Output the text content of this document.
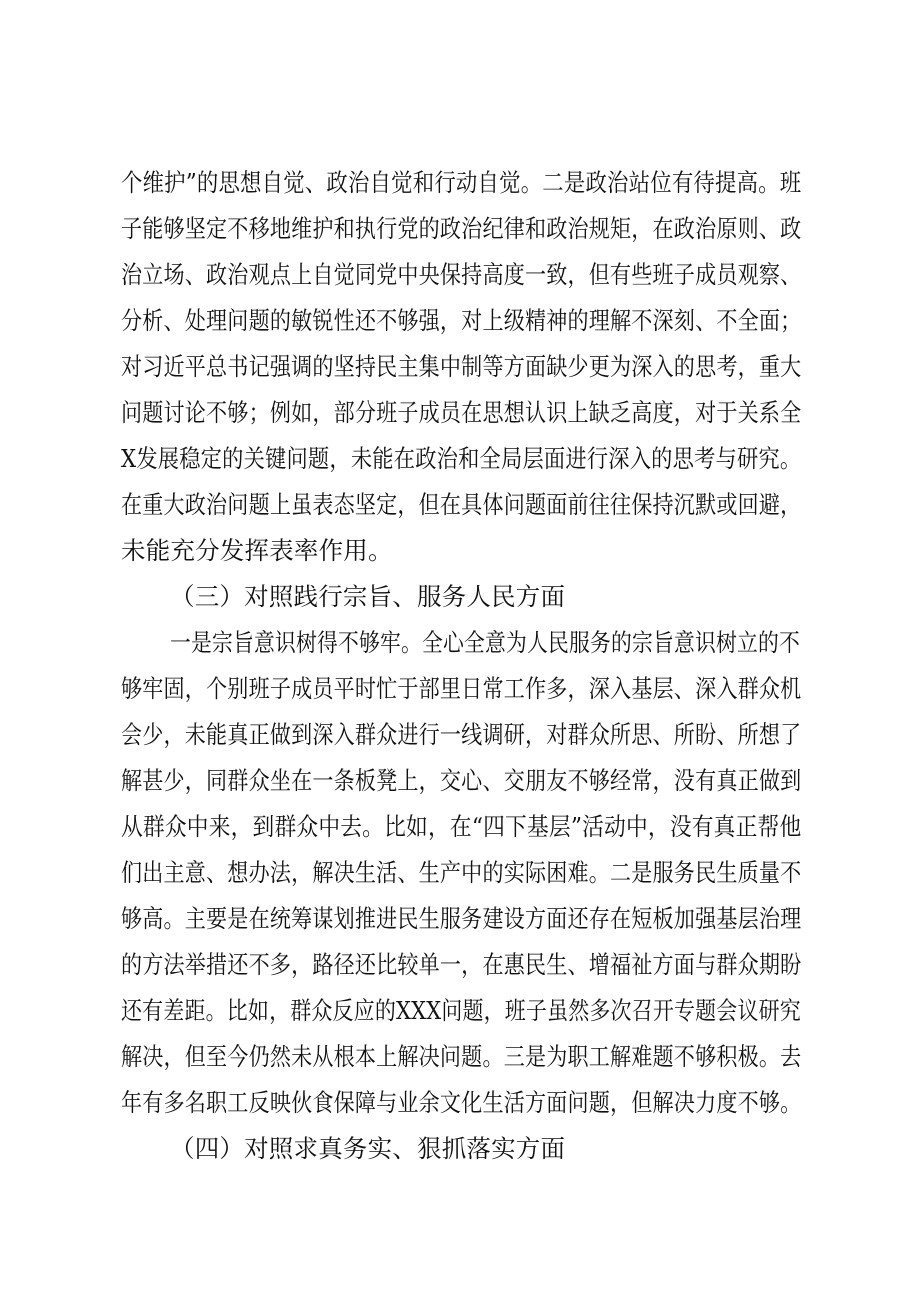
个维护”的思想自觉、政治自觉和行动自觉。二是政治站位有待提高。班
子能够坚定不移地维护和执行党的政治纪律和政治规矩，在政治原则、政
治立场、政治观点上自觉同党中央保持高度一致，但有些班子成员观察、
分析、处理问题的敏锐性还不够强，对上级精神的理解不深刻、不全面；
对习近平总书记强调的坚持民主集中制等方面缺少更为深入的思考，重大
问题讨论不够；例如，部分班子成员在思想认识上缺乏高度，对于关系全
X发展稳定的关键问题，未能在政治和全局层面进行深入的思考与研究。
在重大政治问题上虽表态坚定，但在具体问题面前往往保持沉默或回避，
未能充分发挥表率作用。
（三）对照践行宗旨、服务人民方面
一是宗旨意识树得不够牢。全心全意为人民服务的宗旨意识树立的不
够牢固，个别班子成员平时忙于部里日常工作多，深入基层、深入群众机
会少，未能真正做到深入群众进行一线调研，对群众所思、所盼、所想了
解甚少，同群众坐在一条板凳上，交心、交朋友不够经常，没有真正做到
从群众中来，到群众中去。比如，在“四下基层”活动中，没有真正帮他
们出主意、想办法，解决生活、生产中的实际困难。二是服务民生质量不
够高。主要是在统筹谋划推进民生服务建设方面还存在短板加强基层治理
的方法举措还不多，路径还比较单一，在惠民生、增福祉方面与群众期盼
还有差距。比如，群众反应的XXX问题，班子虽然多次召开专题会议研究
解决，但至今仍然未从根本上解决问题。三是为职工解难题不够积极。去
年有多名职工反映伙食保障与业余文化生活方面问题，但解决力度不够。
（四）对照求真务实、狠抓落实方面
